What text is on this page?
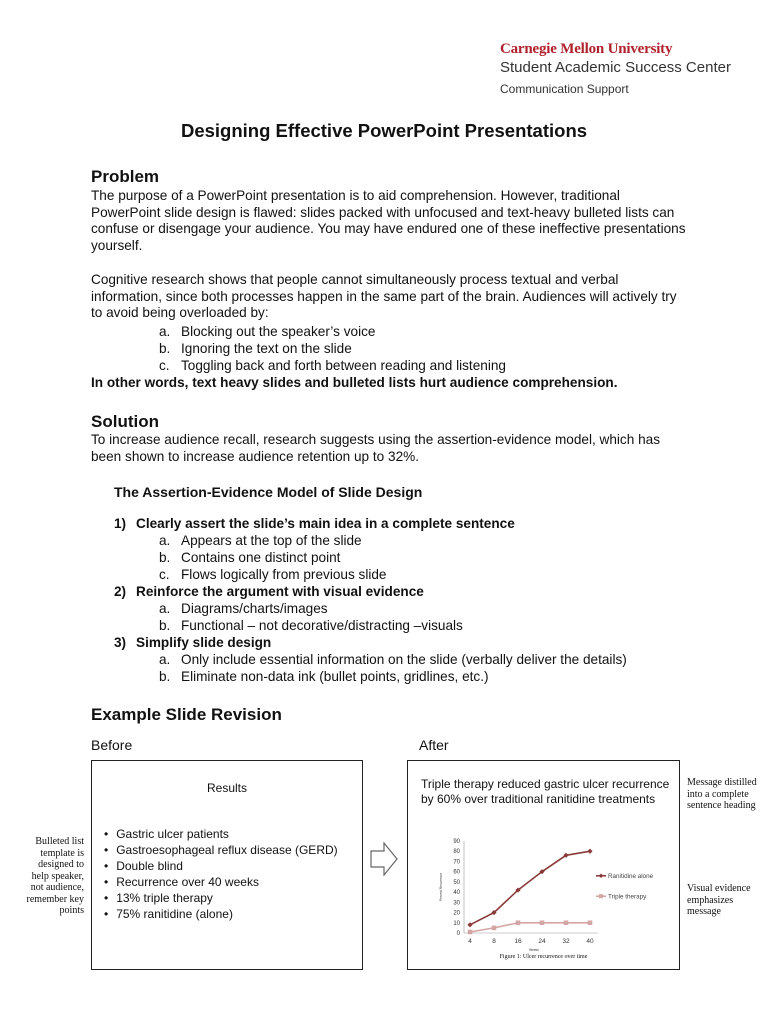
Carnegie Mellon University
Student Academic Success Center
Communication Support
Designing Effective PowerPoint Presentations
Problem

The purpose of a PowerPoint presentation is to aid comprehension. However, traditional PowerPoint slide design is flawed: slides packed with unfocused and text-heavy bulleted lists can confuse or disengage your audience. You may have endured one of these ineffective presentations yourself.

Cognitive research shows that people cannot simultaneously process textual and verbal information, since both processes happen in the same part of the brain. Audiences will actively try to avoid being overloaded by:

a. Blocking out the speaker’s voice
b. Ignoring the text on the slide
c. Toggling back and forth between reading and listening
In other words, text heavy slides and bulleted lists hurt audience comprehension.
Solution

To increase audience recall, research suggests using the assertion-evidence model, which has been shown to increase audience retention up to 32%.

The Assertion-Evidence Model of Slide Design
1) Clearly assert the slide’s main idea in a complete sentence
a. Appears at the top of the slide
b. Contains one distinct point
c. Flows logically from previous slide
2) Reinforce the argument with visual evidence
a. Diagrams/charts/images
b. Functional – not decorative/distracting –visuals
3) Simplify slide design
a. Only include essential information on the slide (verbally deliver the details)
b. Eliminate non-data ink (bullet points, gridlines, etc.)
Example Slide Revision
Before	After
Bulleted list template is designed to help speaker, not audience, remember key points
Results
• Gastric ulcer patients
• Gastroesophageal reflux disease (GERD)
• Double blind
• Recurrence over 40 weeks
• 13% triple therapy
• 75% ranitidine (alone)
Triple therapy reduced gastric ulcer recurrence by 60% over traditional ranitidine treatments
0
10
20
30
40
50
60
70
80
90
4	8	16	24	32	40
Weeks
Percent Recurrence	Ranitidine alone
Triple therapy
Figure 1: Ulcer recurrence over time
Message distilled into a complete sentence heading
Visual evidence emphasizes message
